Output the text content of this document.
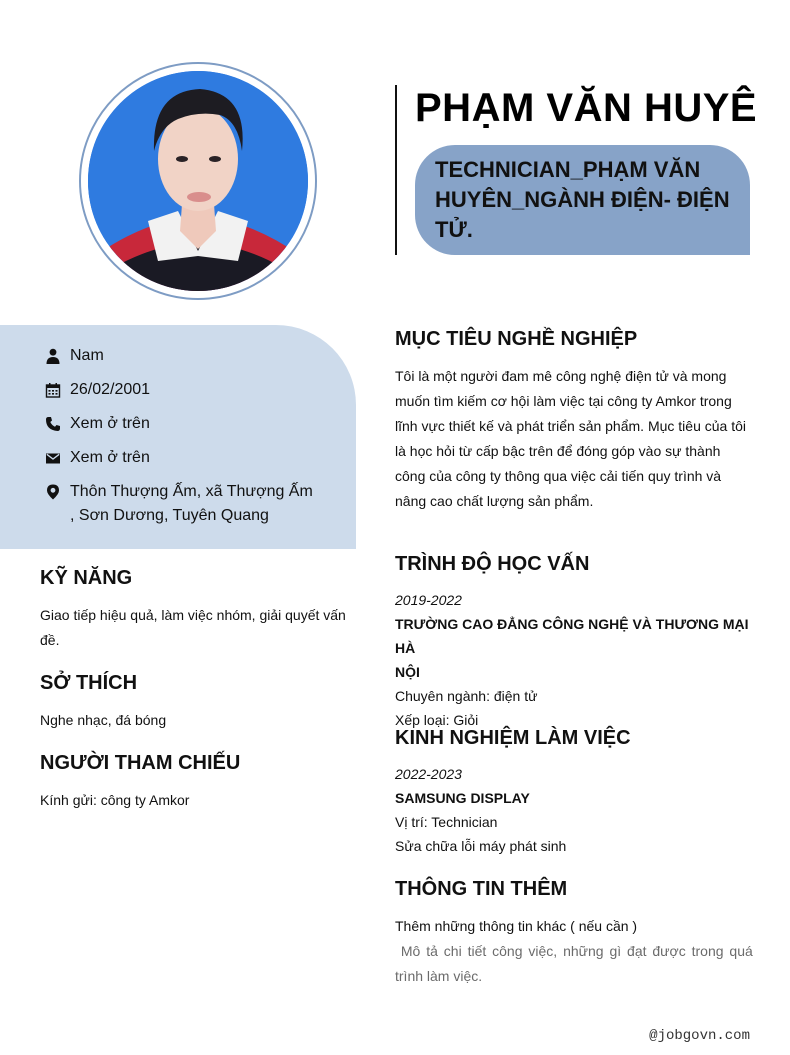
PHẠM VĂN HUYÊ
TECHNICIAN_PHẠM VĂN
HUYÊN_NGÀNH ĐIỆN- ĐIỆN
TỬ.
Nam
26/02/2001
Xem ở trên
Xem ở trên
Thôn Thượng Ấm, xã Thượng Ấm
, Sơn Dương, Tuyên Quang
KỸ NĂNG
Giao tiếp hiệu quả, làm việc nhóm, giải quyết vấn
đề.
SỞ THÍCH
Nghe nhạc, đá bóng
NGƯỜI THAM CHIẾU
Kính gửi: công ty Amkor
MỤC TIÊU NGHỀ NGHIỆP
Tôi là một người đam mê công nghệ điện tử và mong
muốn tìm kiếm cơ hội làm việc tại công ty Amkor trong
lĩnh vực thiết kế và phát triển sản phẩm. Mục tiêu của tôi
là học hỏi từ cấp bậc trên để đóng góp vào sự thành
công của công ty thông qua việc cải tiến quy trình và
nâng cao chất lượng sản phẩm.
TRÌNH ĐỘ HỌC VẤN
2019-2022
TRƯỜNG CAO ĐẲNG CÔNG NGHỆ VÀ THƯƠNG MẠI HÀ
NỘI
Chuyên ngành: điện tử
Xếp loại: Giỏi
KINH NGHIỆM LÀM VIỆC
2022-2023
SAMSUNG DISPLAY
Vị trí: Technician
Sửa chữa lỗi máy phát sinh
THÔNG TIN THÊM
Thêm những thông tin khác ( nếu cần )
Mô tả chi tiết công việc, những gì đạt được trong quá
trình làm việc.
@jobgovn.com
